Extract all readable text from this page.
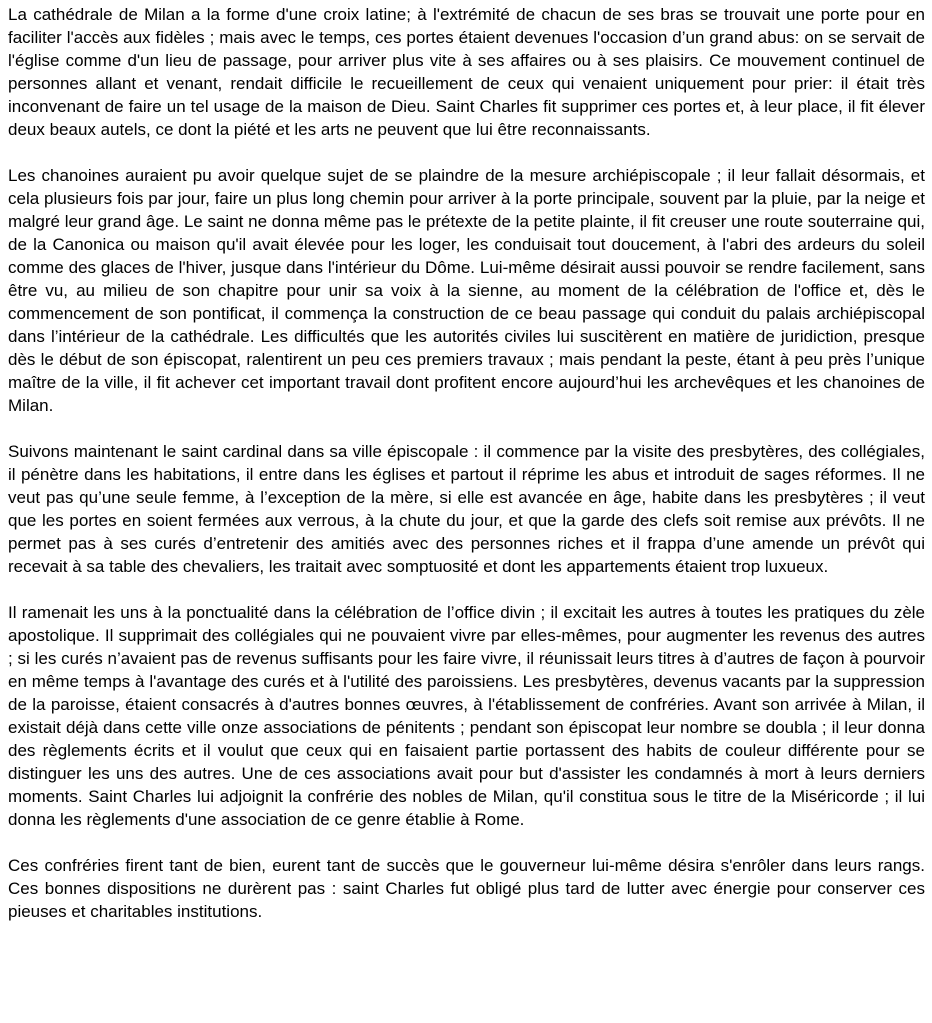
La cathédrale de Milan a la forme d'une croix latine; à l'extrémité de chacun de ses bras se trouvait une porte pour en faciliter l'accès aux fidèles ; mais avec le temps, ces portes étaient devenues l'occasion d’un grand abus: on se servait de l'église comme d'un lieu de passage, pour arriver plus vite à ses affaires ou à ses plaisirs. Ce mouvement continuel de personnes allant et venant, rendait difficile le recueillement de ceux qui venaient uniquement pour prier: il était très inconvenant de faire un tel usage de la maison de Dieu. Saint Charles fit supprimer ces portes et, à leur place, il fit élever deux beaux autels, ce dont la piété et les arts ne peuvent que lui être reconnaissants.

Les chanoines auraient pu avoir quelque sujet de se plaindre de la mesure archiépiscopale ; il leur fallait désormais, et cela plusieurs fois par jour, faire un plus long chemin pour arriver à la porte principale, souvent par la pluie, par la neige et malgré leur grand âge. Le saint ne donna même pas le prétexte de la petite plainte, il fit creuser une route souterraine qui, de la Canonica ou maison qu'il avait élevée pour les loger, les conduisait tout doucement, à l'abri des ardeurs du soleil comme des glaces de l'hiver, jusque dans l'intérieur du Dôme. Lui-même désirait aussi pouvoir se rendre facilement, sans être vu, au milieu de son chapitre pour unir sa voix à la sienne, au moment de la célébration de l'office et, dès le commencement de son pontificat, il commença la construction de ce beau passage qui conduit du palais archiépiscopal dans l’intérieur de la cathédrale. Les difficultés que les autorités civiles lui suscitèrent en matière de juridiction, presque dès le début de son épiscopat, ralentirent un peu ces premiers travaux ; mais pendant la peste, étant à peu près l’unique maître de la ville, il fit achever cet important travail dont profitent encore aujourd’hui les archevêques et les chanoines de Milan.

Suivons maintenant le saint cardinal dans sa ville épiscopale : il commence par la visite des presbytères, des collégiales, il pénètre dans les habitations, il entre dans les églises et partout il réprime les abus et introduit de sages réformes. Il ne veut pas qu’une seule femme, à l’exception de la mère, si elle est avancée en âge, habite dans les presbytères ; il veut que les portes en soient fermées aux verrous, à la chute du jour, et que la garde des clefs soit remise aux prévôts. Il ne permet pas à ses curés d’entretenir des amitiés avec des personnes riches et il frappa d’une amende un prévôt qui recevait à sa table des chevaliers, les traitait avec somptuosité et dont les appartements étaient trop luxueux.

Il ramenait les uns à la ponctualité dans la célébration de l’office divin ; il excitait les autres à toutes les pratiques du zèle apostolique. Il supprimait des collégiales qui ne pouvaient vivre par elles-mêmes, pour augmenter les revenus des autres ; si les curés n’avaient pas de revenus suffisants pour les faire vivre, il réunissait leurs titres à d’autres de façon à pourvoir en même temps à l'avantage des curés et à l'utilité des paroissiens. Les presbytères, devenus vacants par la suppression de la paroisse, étaient consacrés à d'autres bonnes œuvres, à l'établissement de confréries. Avant son arrivée à Milan, il existait déjà dans cette ville onze associations de pénitents ; pendant son épiscopat leur nombre se doubla ; il leur donna des règlements écrits et il voulut que ceux qui en faisaient partie portassent des habits de couleur différente pour se distinguer les uns des autres. Une de ces associations avait pour but d'assister les condamnés à mort à leurs derniers moments. Saint Charles lui adjoignit la confrérie des nobles de Milan, qu'il constitua sous le titre de la Miséricorde ; il lui donna les règlements d'une association de ce genre établie à Rome.

Ces confréries firent tant de bien, eurent tant de succès que le gouverneur lui-même désira s'enrôler dans leurs rangs. Ces bonnes dispositions ne durèrent pas : saint Charles fut obligé plus tard de lutter avec énergie pour conserver ces pieuses et charitables institutions.
